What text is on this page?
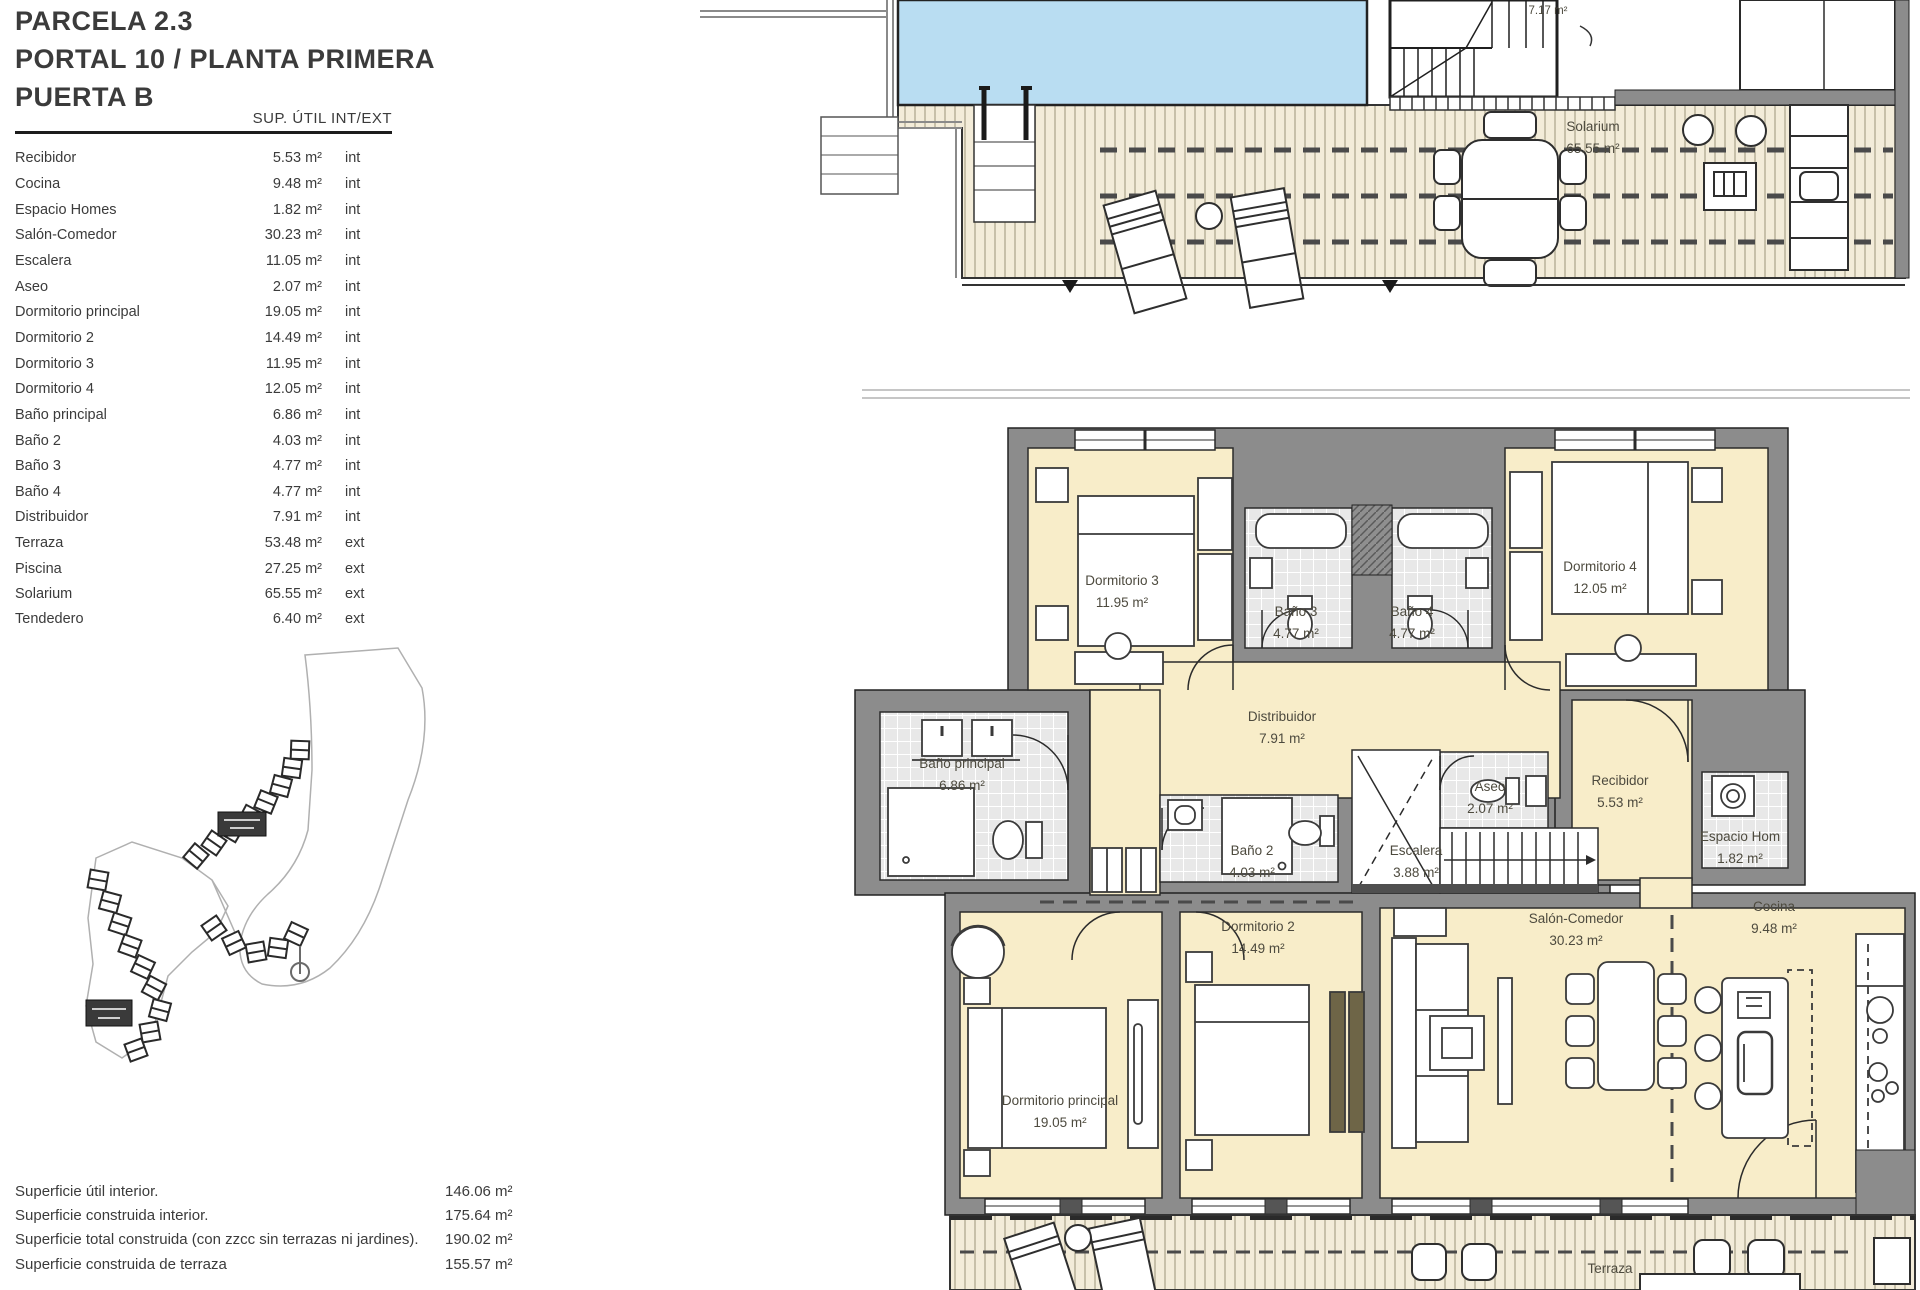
PARCELA 2.3
PORTAL 10 / PLANTA PRIMERA
PUERTA B
SUP. ÚTIL INT/EXT
Recibidor	5.53 m² int
Cocina	9.48 m² int
Espacio Homes	1.82 m² int
Salón-Comedor	30.23 m² int
Escalera	11.05 m² int
Aseo	2.07 m² int
Dormitorio principal	19.05 m² int
Dormitorio 2	14.49 m² int
Dormitorio 3	11.95 m² int
Dormitorio 4	12.05 m² int
Baño principal	6.86 m² int
Baño 2	4.03 m² int
Baño 3	4.77 m² int
Baño 4	4.77 m² int
Distribuidor	7.91 m² int
Terraza	53.48 m² ext
Piscina	27.25 m² ext
Solarium	65.55 m² ext
Tendedero	6.40 m² ext
Superficie útil interior.	146.06 m²
Superficie construida interior.	175.64 m²
Superficie total construida (con zzcc sin terrazas ni jardines). 190.02 m²
Superficie construida de terraza	155.57 m²
7.17 m²
Solarium
65.55 m²
Dormitorio 3
11.95 m²
Baño 3
4.77 m²
Baño 4
4.77 m²
Dormitorio 4
12.05 m²
Distribuidor
7.91 m²
Baño principal
6.86 m²	Aseo
2.07 m²
Recibidor
5.53 m²
Baño 2
4.03 m²
Escalera
3.88 m²
Espacio Hom
1.82 m²
Dormitorio 2
14.49 m²
Salón-Comedor
30.23 m²
Cocina
9.48 m²
Dormitorio principal
19.05 m²
Terraza
